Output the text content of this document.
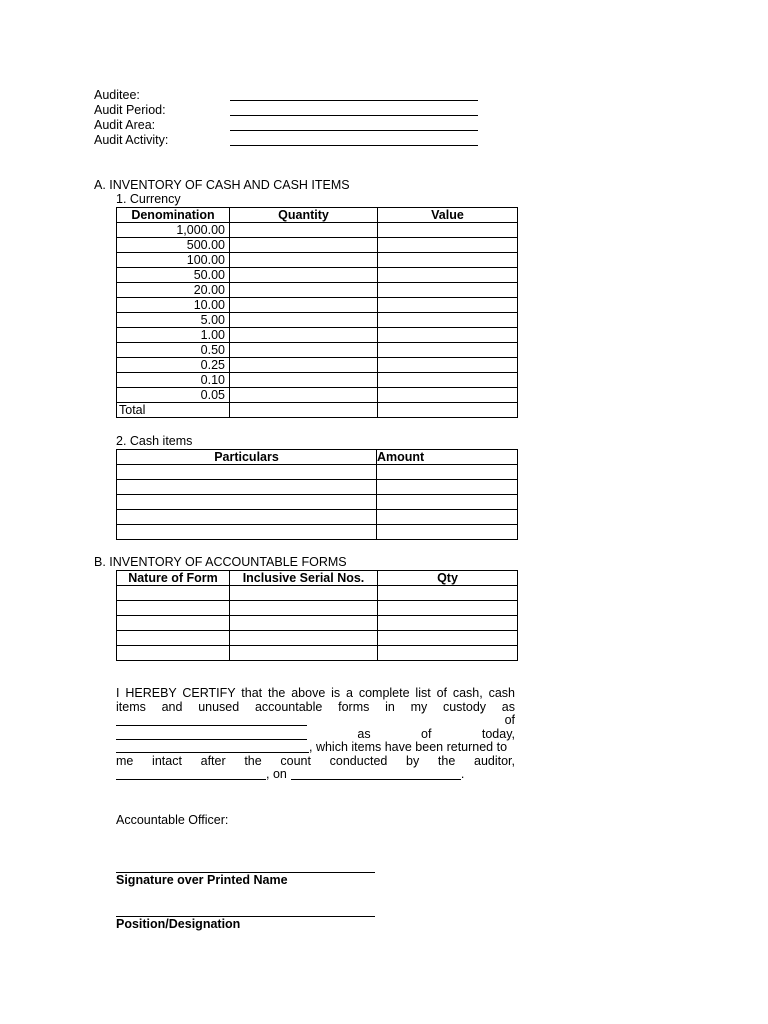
Auditee:
Audit Period:
Audit Area:
Audit Activity:
A. INVENTORY OF CASH AND CASH ITEMS
1. Currency
Denomination	Quantity	Value
1,000.00		
500.00		
100.00		
50.00		
20.00		
10.00		
5.00		
1.00		
0.50		
0.25		
0.10		
0.05		
Total		
2. Cash items
Particulars	Amount

B. INVENTORY OF ACCOUNTABLE FORMS
Nature of Form	Inclusive Serial Nos.	Qty

I HEREBY CERTIFY that the above is a complete list of cash, cash
items and unused accountable forms in my custody as
of
as	of	today,
, which items have been returned to
me intact after the count conducted by the auditor,
, on	.
Accountable Officer:
Signature over Printed Name
Position/Designation
